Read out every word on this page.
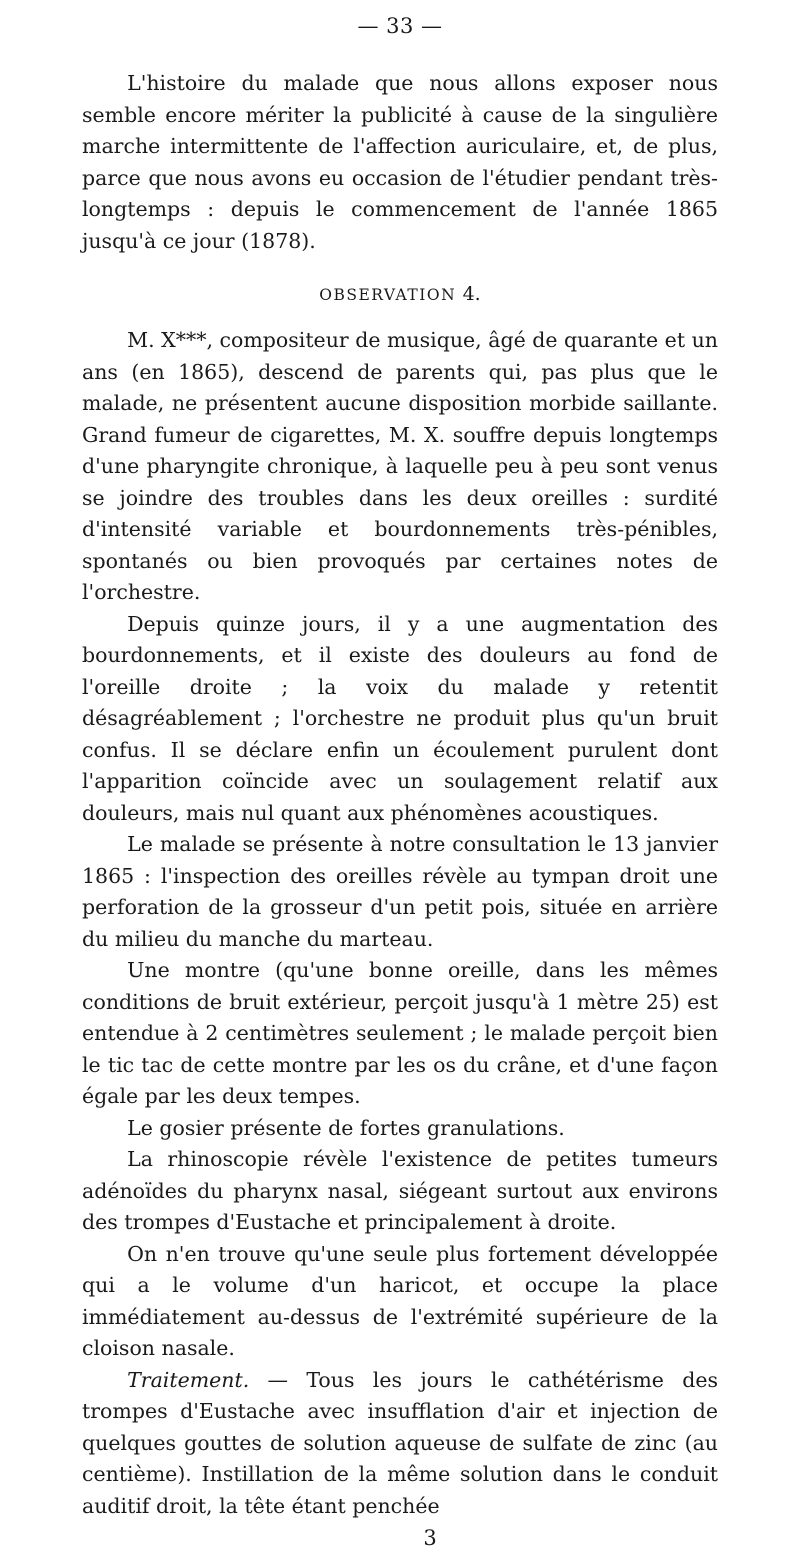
— 33 —

L'histoire du malade que nous allons exposer nous semble encore mériter la publicité à cause de la singulière marche intermittente de l'affection auriculaire, et, de plus, parce que nous avons eu occasion de l'étudier pendant très-longtemps : depuis le commencement de l'année 1865 jusqu'à ce jour (1878).

OBSERVATION 4.

M. X***, compositeur de musique, âgé de quarante et un ans (en 1865), descend de parents qui, pas plus que le malade, ne présentent aucune disposition morbide saillante. Grand fumeur de cigarettes, M. X. souffre depuis longtemps d'une pharyngite chronique, à laquelle peu à peu sont venus se joindre des troubles dans les deux oreilles : surdité d'intensité variable et bourdonnements très-pénibles, spontanés ou bien provoqués par certaines notes de l'orchestre.

Depuis quinze jours, il y a une augmentation des bourdonnements, et il existe des douleurs au fond de l'oreille droite ; la voix du malade y retentit désagréablement ; l'orchestre ne produit plus qu'un bruit confus. Il se déclare enfin un écoulement purulent dont l'apparition coïncide avec un soulagement relatif aux douleurs, mais nul quant aux phénomènes acoustiques.

Le malade se présente à notre consultation le 13 janvier 1865 : l'inspection des oreilles révèle au tympan droit une perforation de la grosseur d'un petit pois, située en arrière du milieu du manche du marteau.

Une montre (qu'une bonne oreille, dans les mêmes conditions de bruit extérieur, perçoit jusqu'à 1 mètre 25) est entendue à 2 centimètres seulement ; le malade perçoit bien le tic tac de cette montre par les os du crâne, et d'une façon égale par les deux tempes.

Le gosier présente de fortes granulations.

La rhinoscopie révèle l'existence de petites tumeurs adénoïdes du pharynx nasal, siégeant surtout aux environs des trompes d'Eustache et principalement à droite.

On n'en trouve qu'une seule plus fortement développée qui a le volume d'un haricot, et occupe la place immédiatement au-dessus de l'extrémité supérieure de la cloison nasale.

Traitement. — Tous les jours le cathétérisme des trompes d'Eustache avec insufflation d'air et injection de quelques gouttes de solution aqueuse de sulfate de zinc (au centième). Instillation de la même solution dans le conduit auditif droit, la tête étant penchée

3
